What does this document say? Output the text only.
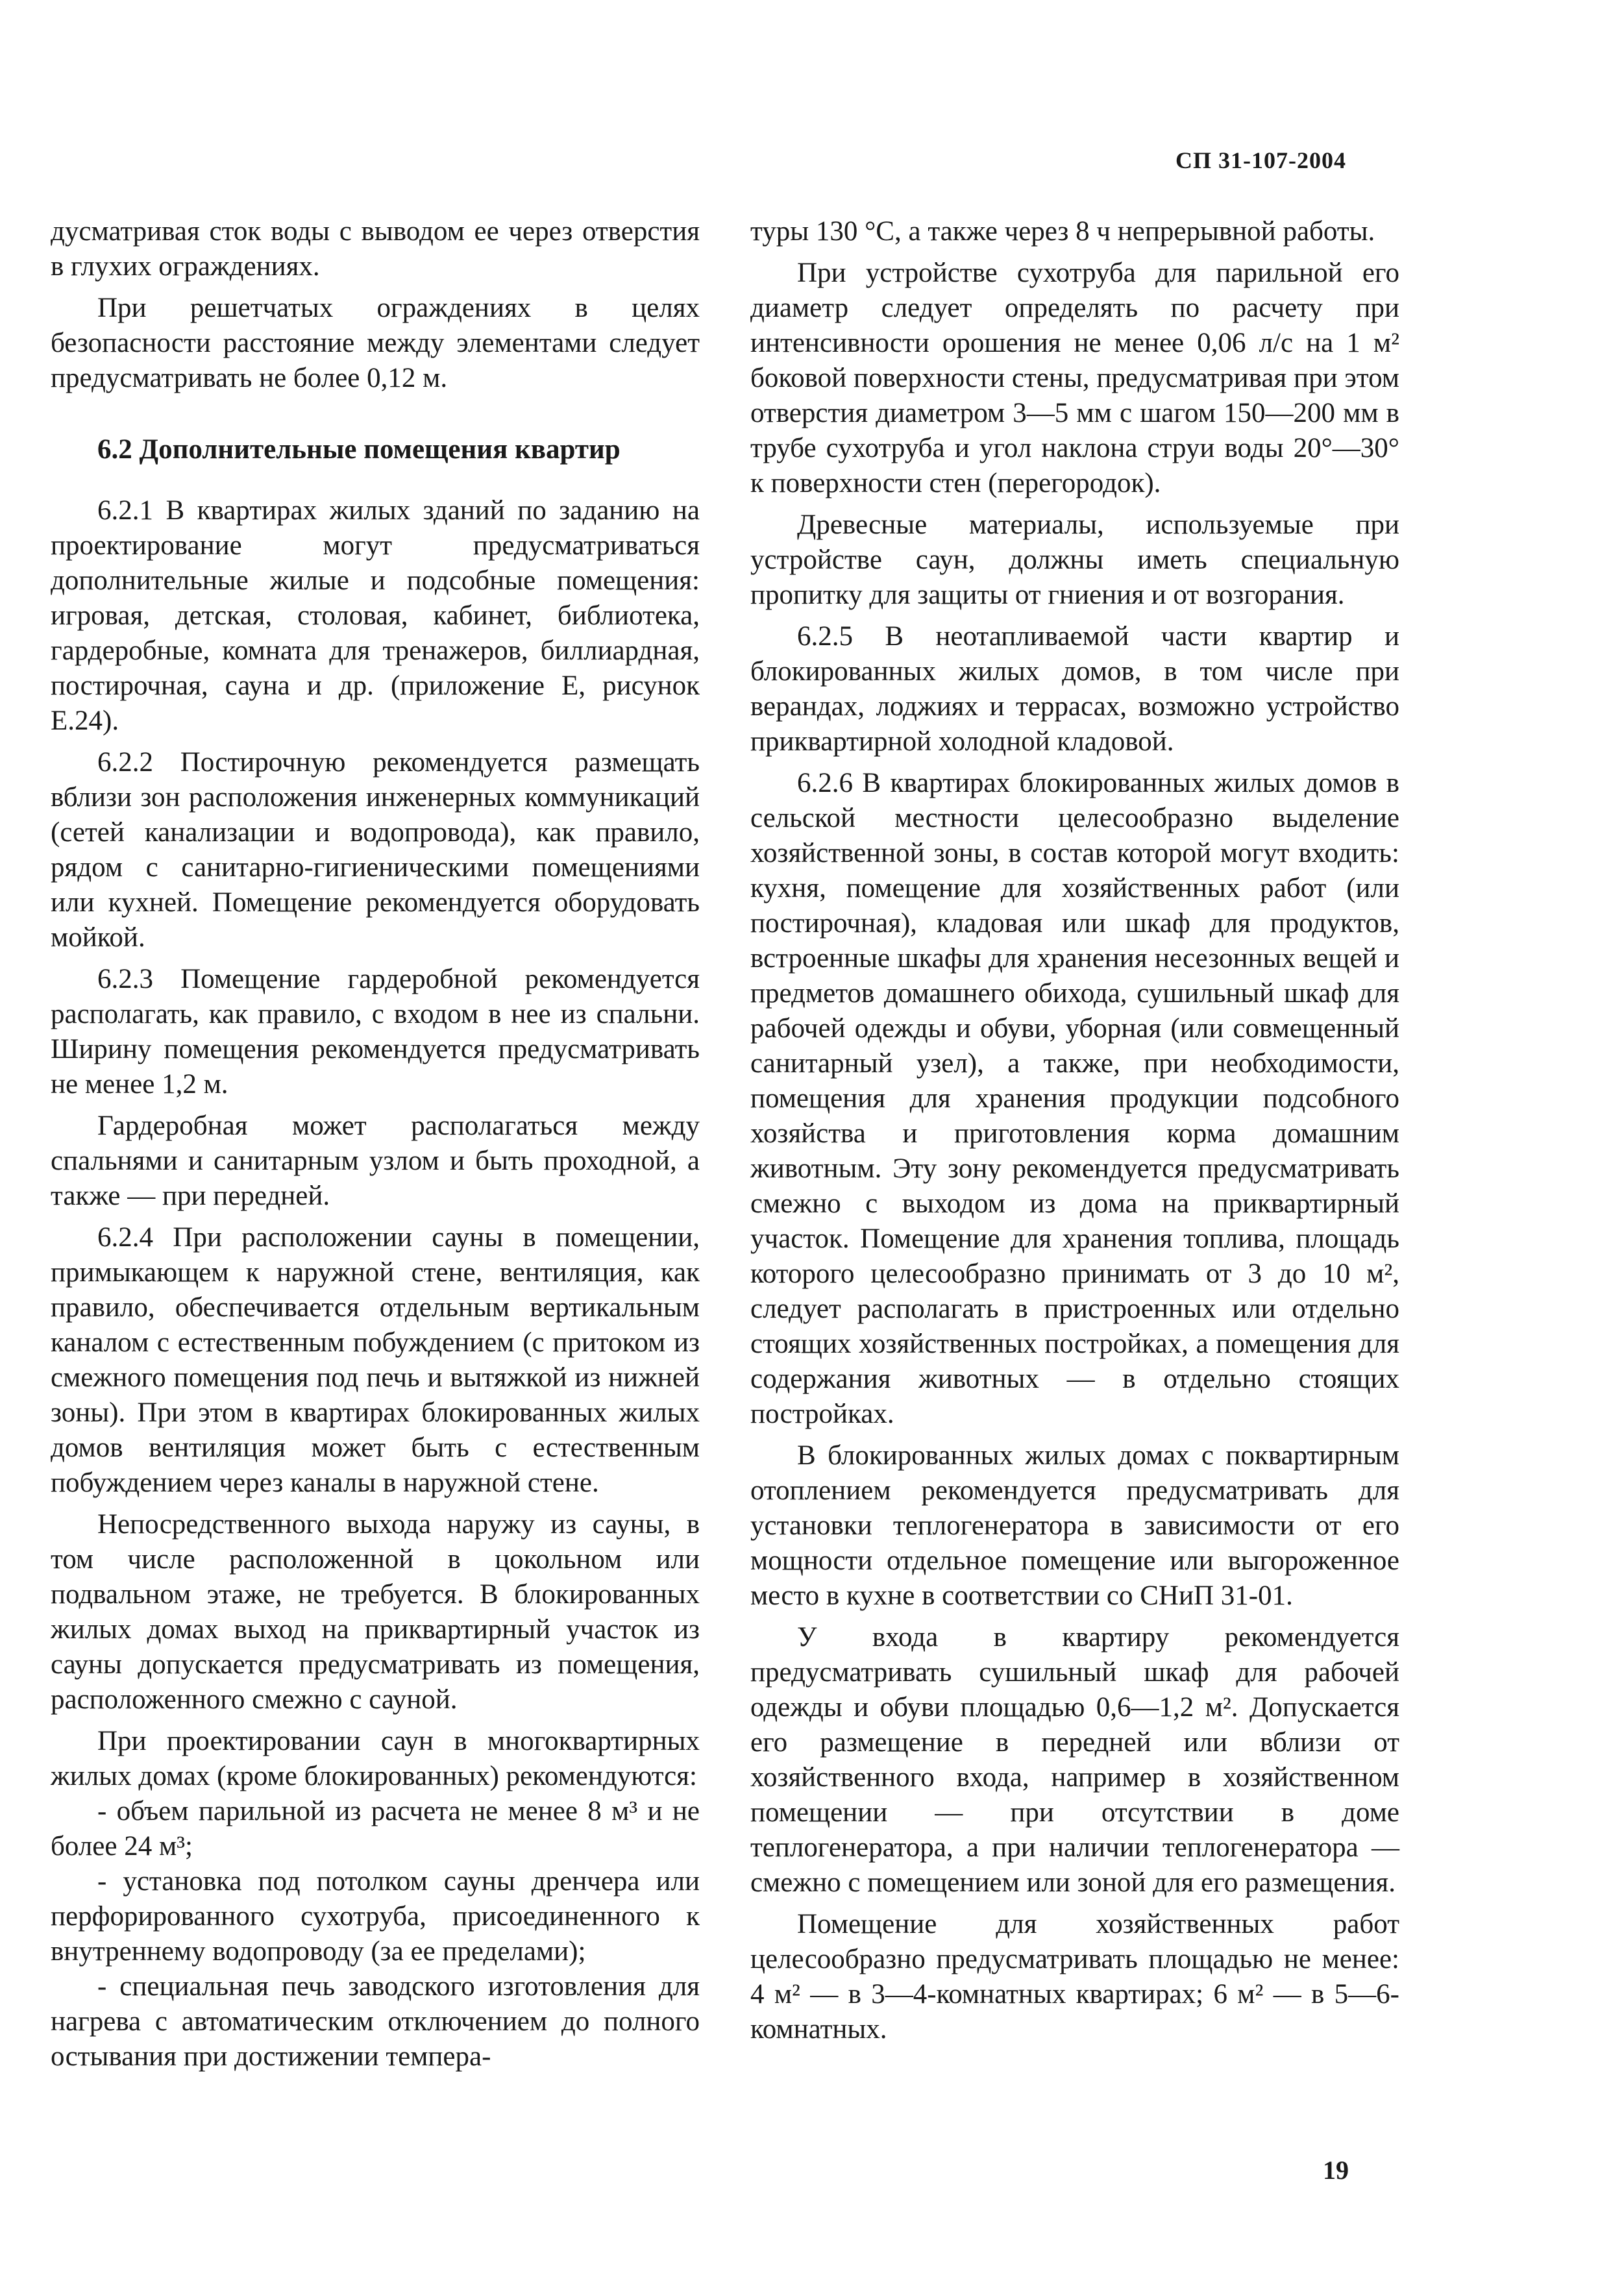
СП 31-107-2004

дусматривая сток воды с выводом ее через отверстия в глухих ограждениях.

При решетчатых ограждениях в целях безопасности расстояние между элементами следует предусматривать не более 0,12 м.

6.2 Дополнительные помещения квартир

6.2.1 В квартирах жилых зданий по заданию на проектирование могут предусматриваться дополнительные жилые и подсобные помещения: игровая, детская, столовая, кабинет, библиотека, гардеробные, комната для тренажеров, биллиардная, постирочная, сауна и др. (приложение Е, рисунок Е.24).

6.2.2 Постирочную рекомендуется размещать вблизи зон расположения инженерных коммуникаций (сетей канализации и водопровода), как правило, рядом с санитарно-гигиеническими помещениями или кухней. Помещение рекомендуется оборудовать мойкой.

6.2.3 Помещение гардеробной рекомендуется располагать, как правило, с входом в нее из спальни. Ширину помещения рекомендуется предусматривать не менее 1,2 м.

Гардеробная может располагаться между спальнями и санитарным узлом и быть проходной, а также — при передней.

6.2.4 При расположении сауны в помещении, примыкающем к наружной стене, вентиляция, как правило, обеспечивается отдельным вертикальным каналом с естественным побуждением (с притоком из смежного помещения под печь и вытяжкой из нижней зоны). При этом в квартирах блокированных жилых домов вентиляция может быть с естественным побуждением через каналы в наружной стене.

Непосредственного выхода наружу из сауны, в том числе расположенной в цокольном или подвальном этаже, не требуется. В блокированных жилых домах выход на приквартирный участок из сауны допускается предусматривать из помещения, расположенного смежно с сауной.

При проектировании саун в многоквартирных жилых домах (кроме блокированных) рекомендуются:

- объем парильной из расчета не менее 8 м³ и не более 24 м³;

- установка под потолком сауны дренчера или перфорированного сухотруба, присоединенного к внутреннему водопроводу (за ее пределами);

- специальная печь заводского изготовления для нагрева с автоматическим отключением до полного остывания при достижении темпера-

туры 130 °С, а также через 8 ч непрерывной работы.

При устройстве сухотруба для парильной его диаметр следует определять по расчету при интенсивности орошения не менее 0,06 л/с на 1 м² боковой поверхности стены, предусматривая при этом отверстия диаметром 3—5 мм с шагом 150—200 мм в трубе сухотруба и угол наклона струи воды 20°—30° к поверхности стен (перегородок).

Древесные материалы, используемые при устройстве саун, должны иметь специальную пропитку для защиты от гниения и от возгорания.

6.2.5 В неотапливаемой части квартир и блокированных жилых домов, в том числе при верандах, лоджиях и террасах, возможно устройство приквартирной холодной кладовой.

6.2.6 В квартирах блокированных жилых домов в сельской местности целесообразно выделение хозяйственной зоны, в состав которой могут входить: кухня, помещение для хозяйственных работ (или постирочная), кладовая или шкаф для продуктов, встроенные шкафы для хранения несезонных вещей и предметов домашнего обихода, сушильный шкаф для рабочей одежды и обуви, уборная (или совмещенный санитарный узел), а также, при необходимости, помещения для хранения продукции подсобного хозяйства и приготовления корма домашним животным. Эту зону рекомендуется предусматривать смежно с выходом из дома на приквартирный участок. Помещение для хранения топлива, площадь которого целесообразно принимать от 3 до 10 м², следует располагать в пристроенных или отдельно стоящих хозяйственных постройках, а помещения для содержания животных — в отдельно стоящих постройках.

В блокированных жилых домах с поквартирным отоплением рекомендуется предусматривать для установки теплогенератора в зависимости от его мощности отдельное помещение или выгороженное место в кухне в соответствии со СНиП 31-01.

У входа в квартиру рекомендуется предусматривать сушильный шкаф для рабочей одежды и обуви площадью 0,6—1,2 м². Допускается его размещение в передней или вблизи от хозяйственного входа, например в хозяйственном помещении — при отсутствии в доме теплогенератора, а при наличии теплогенератора — смежно с помещением или зоной для его размещения.

Помещение для хозяйственных работ целесообразно предусматривать площадью не менее: 4 м² — в 3—4-комнатных квартирах; 6 м² — в 5—6-комнатных.

19
